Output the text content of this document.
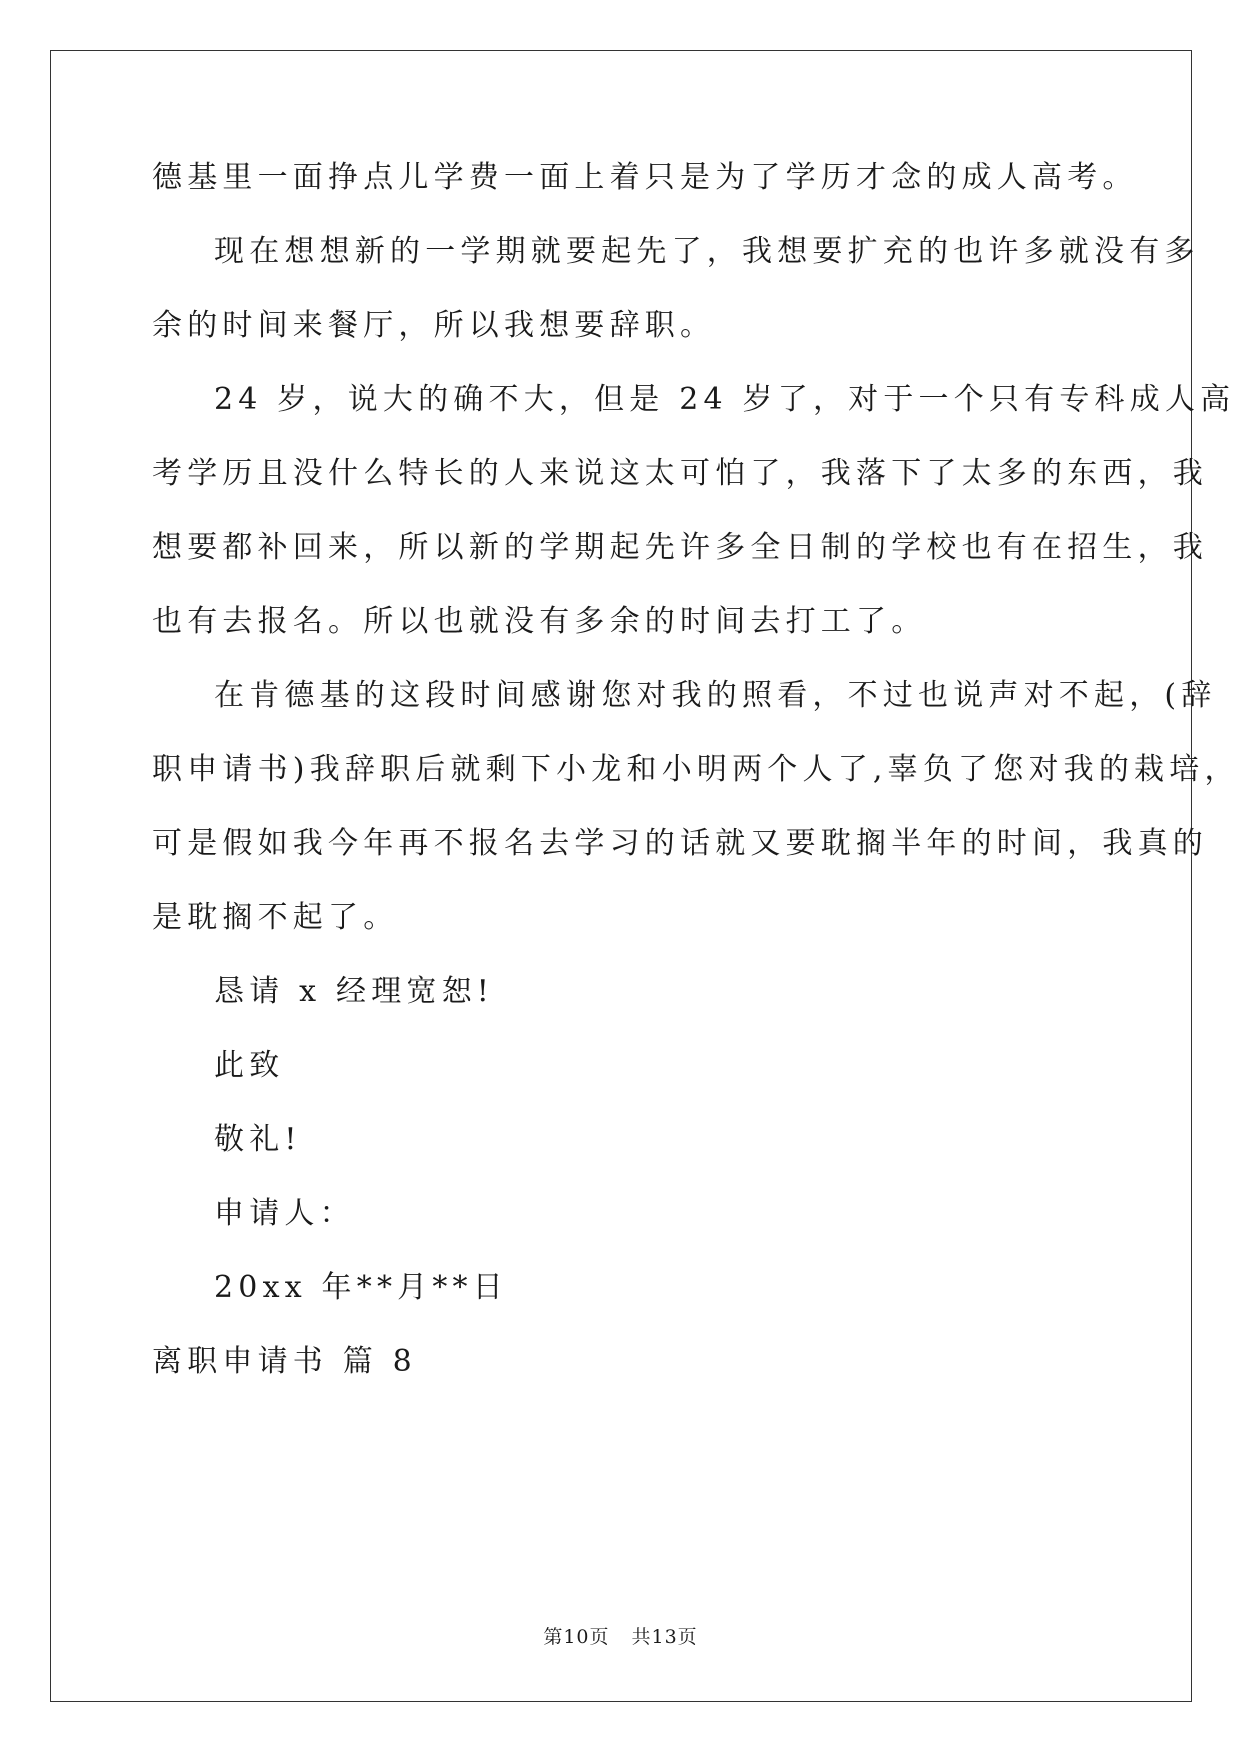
德基里一面挣点儿学费一面上着只是为了学历才念的成人高考。
现在想想新的一学期就要起先了，我想要扩充的也许多就没有多
余的时间来餐厅，所以我想要辞职。
24 岁，说大的确不大，但是 24 岁了，对于一个只有专科成人高
考学历且没什么特长的人来说这太可怕了，我落下了太多的东西，我
想要都补回来，所以新的学期起先许多全日制的学校也有在招生，我
也有去报名。所以也就没有多余的时间去打工了。
在肯德基的这段时间感谢您对我的照看，不过也说声对不起，(辞
职申请书)我辞职后就剩下小龙和小明两个人了,辜负了您对我的栽培，
可是假如我今年再不报名去学习的话就又要耽搁半年的时间，我真的
是耽搁不起了。
恳请 x 经理宽恕!
此致
敬礼!
申请人：
20xx 年**月**日
离职申请书 篇 8
第10页 共13页
